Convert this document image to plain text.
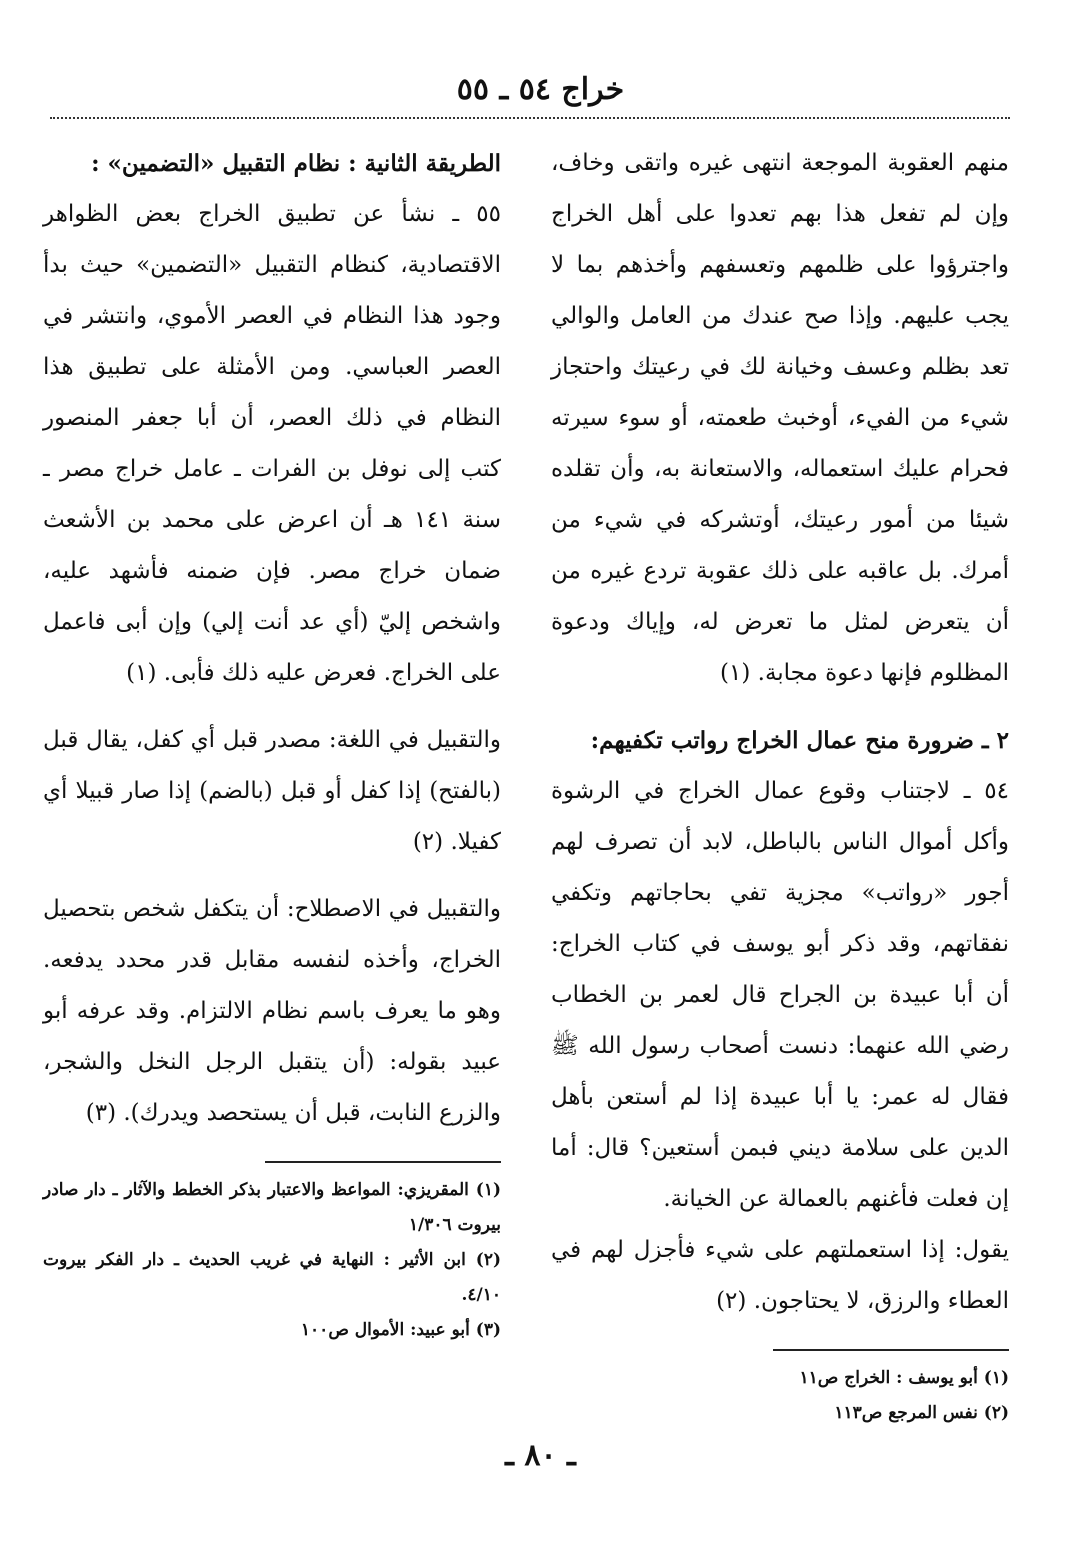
خراج ٥٤ ـ ٥٥

منهم العقوبة الموجعة انتهى غيره واتقى وخاف، وإن لم تفعل هذا بهم تعدوا على أهل الخراج واجترؤوا على ظلمهم وتعسفهم وأخذهم بما لا يجب عليهم. وإذا صح عندك من العامل والوالي تعد بظلم وعسف وخيانة لك في رعيتك واحتجاز شيء من الفيء، أوخبث طعمته، أو سوء سيرته فحرام عليك استعماله، والاستعانة به، وأن تقلده شيئا من أمور رعيتك، أوتشركه في شيء من أمرك. بل عاقبه على ذلك عقوبة تردع غيره من أن يتعرض لمثل ما تعرض له، وإياك ودعوة المظلوم فإنها دعوة مجابة. (١)

٢ ـ ضرورة منح عمال الخراج رواتب تكفيهم:

٥٤ ـ لاجتناب وقوع عمال الخراج في الرشوة وأكل أموال الناس بالباطل، لابد أن تصرف لهم أجور «رواتب» مجزية تفي بحاجاتهم وتكفي نفقاتهم، وقد ذكر أبو يوسف في كتاب الخراج: أن أبا عبيدة بن الجراح قال لعمر بن الخطاب رضي الله عنهما: دنست أصحاب رسول الله ﷺ فقال له عمر: يا أبا عبيدة إذا لم أستعن بأهل الدين على سلامة ديني فبمن أستعين؟ قال: أما إن فعلت فأغنهم بالعمالة عن الخيانة.

يقول: إذا استعملتهم على شيء فأجزل لهم في العطاء والرزق، لا يحتاجون. (٢)

(١) أبو يوسف : الخراج ص١١

(٢) نفس المرجع ص١١٣

الطريقة الثانية : نظام التقبيل «التضمين» :

٥٥ ـ نشأ عن تطبيق الخراج بعض الظواهر الاقتصادية، كنظام التقبيل «التضمين» حيث بدأ وجود هذا النظام في العصر الأموي، وانتشر في العصر العباسي. ومن الأمثلة على تطبيق هذا النظام في ذلك العصر، أن أبا جعفر المنصور كتب إلى نوفل بن الفرات ـ عامل خراج مصر ـ سنة ١٤١ هـ أن اعرض على محمد بن الأشعث ضمان خراج مصر. فإن ضمنه فأشهد عليه، واشخص إليّ (أي عد أنت إلي) وإن أبى فاعمل على الخراج. فعرض عليه ذلك فأبى. (١)

والتقبيل في اللغة: مصدر قبل أي كفل، يقال قبل (بالفتح) إذا كفل أو قبل (بالضم) إذا صار قبيلا أي كفيلا. (٢)

والتقبيل في الاصطلاح: أن يتكفل شخص بتحصيل الخراج، وأخذه لنفسه مقابل قدر محدد يدفعه. وهو ما يعرف باسم نظام الالتزام. وقد عرفه أبو عبيد بقوله: (أن يتقبل الرجل النخل والشجر، والزرع النابت، قبل أن يستحصد ويدرك). (٣)

(١) المقريزي: المواعظ والاعتبار بذكر الخطط والآثار ـ دار صادر بيروت ١/٣٠٦

(٢) ابن الأثير : النهاية في غريب الحديث ـ دار الفكر بيروت ٤/١٠.

(٣) أبو عبيد: الأموال ص١٠٠

ـ ٨٠ ـ
